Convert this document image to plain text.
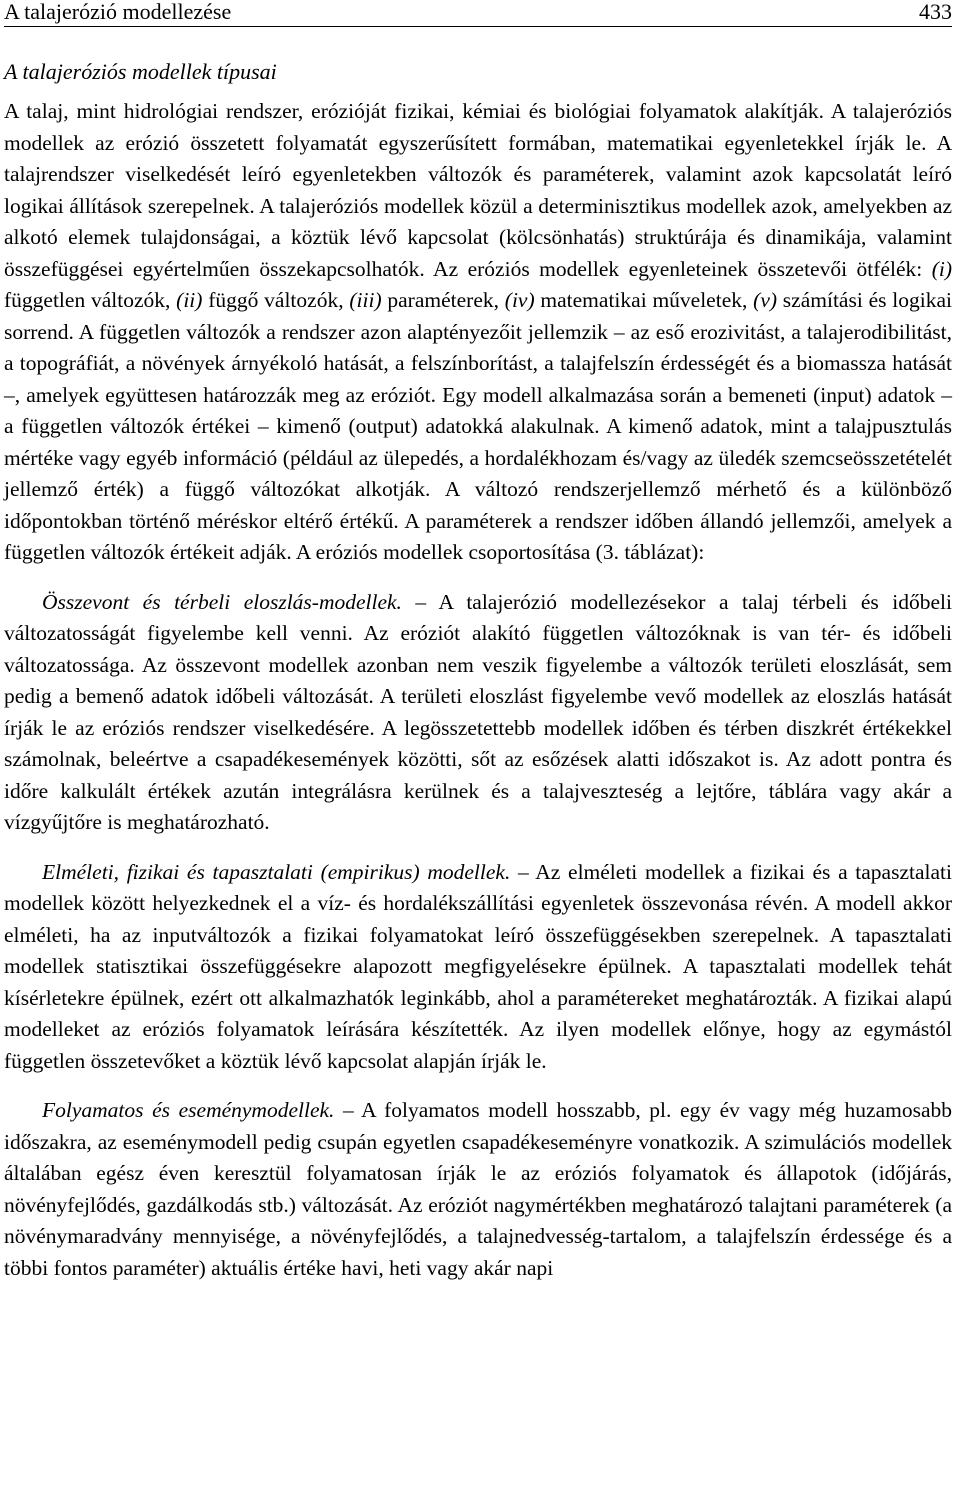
A talajerózió modellezése	433
A talajeróziós modellek típusai

A talaj, mint hidrológiai rendszer, erózióját fizikai, kémiai és biológiai folyamatok alakítják. A talajeróziós modellek az erózió összetett folyamatát egyszerűsített formában, matematikai egyenletekkel írják le. A talajrendszer viselkedését leíró egyenletekben változók és paraméterek, valamint azok kapcsolatát leíró logikai állítások szerepelnek. A talajeróziós modellek közül a determinisztikus modellek azok, amelyekben az alkotó elemek tulajdonságai, a köztük lévő kapcsolat (kölcsönhatás) struktúrája és dinamikája, valamint összefüggései egyértelműen összekapcsolhatók. Az eróziós modellek egyenleteinek összetevői ötfélék: (i) független változók, (ii) függő változók, (iii) paraméterek, (iv) matematikai műveletek, (v) számítási és logikai sorrend. A független változók a rendszer azon alaptényezőit jellemzik – az eső erozivitást, a talajerodibilitást, a topográfiát, a növények árnyékoló hatását, a felszínborítást, a talajfelszín érdességét és a biomassza hatását –, amelyek együttesen határozzák meg az eróziót. Egy modell alkalmazása során a bemeneti (input) adatok – a független változók értékei – kimenő (output) adatokká alakulnak. A kimenő adatok, mint a talajpusztulás mértéke vagy egyéb információ (például az ülepedés, a hordalékhozam és/vagy az üledék szemcseösszetételét jellemző érték) a függő változókat alkotják. A változó rendszerjellemző mérhető és a különböző időpontokban történő méréskor eltérő értékű. A paraméterek a rendszer időben állandó jellemzői, amelyek a független változók értékeit adják. A eróziós modellek csoportosítása (3. táblázat):

Összevont és térbeli eloszlás-modellek. – A talajerózió modellezésekor a talaj térbeli és időbeli változatosságát figyelembe kell venni. Az eróziót alakító független változóknak is van tér- és időbeli változatossága. Az összevont modellek azonban nem veszik figyelembe a változók területi eloszlását, sem pedig a bemenő adatok időbeli változását. A területi eloszlást figyelembe vevő modellek az eloszlás hatását írják le az eróziós rendszer viselkedésére. A legösszetettebb modellek időben és térben diszkrét értékekkel számolnak, beleértve a csapadékesemények közötti, sőt az esőzések alatti időszakot is. Az adott pontra és időre kalkulált értékek azután integrálásra kerülnek és a talajveszteség a lejtőre, táblára vagy akár a vízgyűjtőre is meghatározható.

Elméleti, fizikai és tapasztalati (empirikus) modellek. – Az elméleti modellek a fizikai és a tapasztalati modellek között helyezkednek el a víz- és hordalékszállítási egyenletek összevonása révén. A modell akkor elméleti, ha az inputváltozók a fizikai folyamatokat leíró összefüggésekben szerepelnek. A tapasztalati modellek statisztikai összefüggésekre alapozott megfigyelésekre épülnek. A tapasztalati modellek tehát kísérletekre épülnek, ezért ott alkalmazhatók leginkább, ahol a paramétereket meghatározták. A fizikai alapú modelleket az eróziós folyamatok leírására készítették. Az ilyen modellek előnye, hogy az egymástól független összetevőket a köztük lévő kapcsolat alapján írják le.

Folyamatos és eseménymodellek. – A folyamatos modell hosszabb, pl. egy év vagy még huzamosabb időszakra, az eseménymodell pedig csupán egyetlen csapadékeseményre vonatkozik. A szimulációs modellek általában egész éven keresztül folyamatosan írják le az eróziós folyamatok és állapotok (időjárás, növényfejlődés, gazdálkodás stb.) változását. Az eróziót nagymértékben meghatározó talajtani paraméterek (a növénymaradvány mennyisége, a növényfejlődés, a talajnedvesség-tartalom, a talajfelszín érdessége és a többi fontos paraméter) aktuális értéke havi, heti vagy akár napi
